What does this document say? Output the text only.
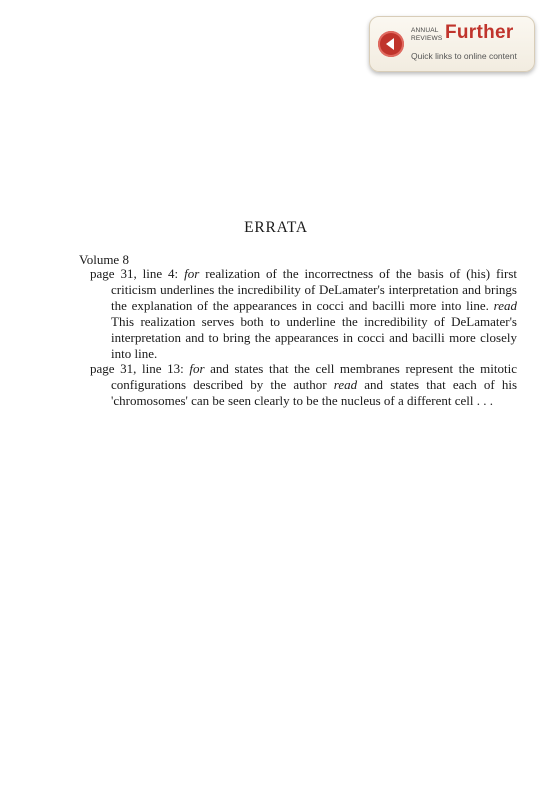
ANNUAL
REVIEWS Further
Quick links to online content
ERRATA
Volume 8
page 31, line 4: for realization of the incorrectness of the basis of (his) first criticism underlines the incredibility of DeLamater's interpretation and brings the explanation of the appearances in cocci and bacilli more into line. read This realization serves both to underline the incredibility of DeLamater's interpretation and to bring the appearances in cocci and bacilli more closely into line.
page 31, line 13: for and states that the cell membranes represent the mitotic configurations described by the author read and states that each of his 'chromosomes' can be seen clearly to be the nucleus of a different cell . . .
